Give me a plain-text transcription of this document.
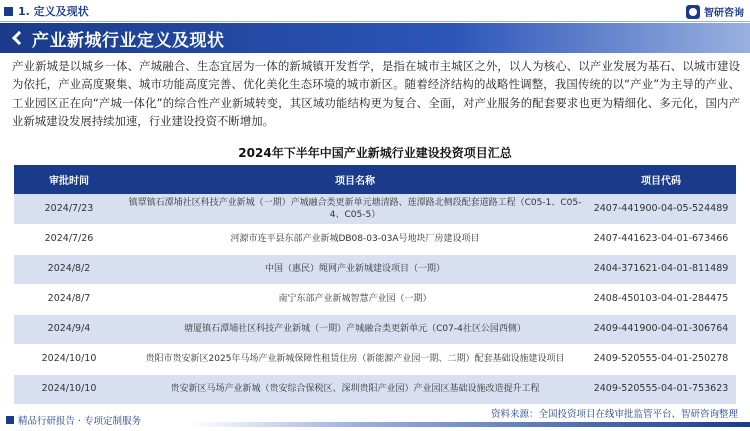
1. 定义及现状	智研咨询
产业新城行业定义及现状

产业新城是以城乡一体、产城融合、生态宜居为一体的新城镇开发哲学，是指在城市主城区之外，以人为核心、以产业发展为基石、以城市建设为依托，产业高度聚集、城市功能高度完善、优化美化生态环境的城市新区。随着经济结构的战略性调整，我国传统的以“产业”为主导的产业、工业园区正在向“产城一体化”的综合性产业新城转变，其区域功能结构更为复合、全面，对产业服务的配套要求也更为精细化、多元化，国内产业新城建设发展持续加速，行业建设投资不断增加。

2024年下半年中国产业新城行业建设投资项目汇总
审批时间	项目名称	项目代码
2024/7/23	镇覃镇石潭埔社区科技产业新城（一期）产城融合类更新单元塘清路、莲潭路北侧段配套道路工程（C05-1、C05-4、C05-5）	2407-441900-04-05-524489
2024/7/26	河源市连平县东部产业新城DB08-03-03A号地块厂房建设项目	2407-441623-04-01-673466
2024/8/2	中国（惠民）绳网产业新城建设项目（一期）	2404-371621-04-01-811489
2024/8/7	南宁东部产业新城智慧产业园（一期）	2408-450103-04-01-284475
2024/9/4	塘厦镇石潭埔社区科技产业新城（一期）产城融合类更新单元（C07-4社区公园西侧）	2409-441900-04-01-306764
2024/10/10	贵阳市贵安新区2025年马场产业新城保障性租赁住房（新能源产业园一期、二期）配套基础设施建设项目	2409-520555-04-01-250278
2024/10/10	贵安新区马场产业新城（贵安综合保税区、深圳贵阳产业园）产业园区基础设施改造提升工程	2409-520555-04-01-753623
精品行研报告 · 专项定制服务
资料来源：全国投资项目在线审批监管平台、智研咨询整理
